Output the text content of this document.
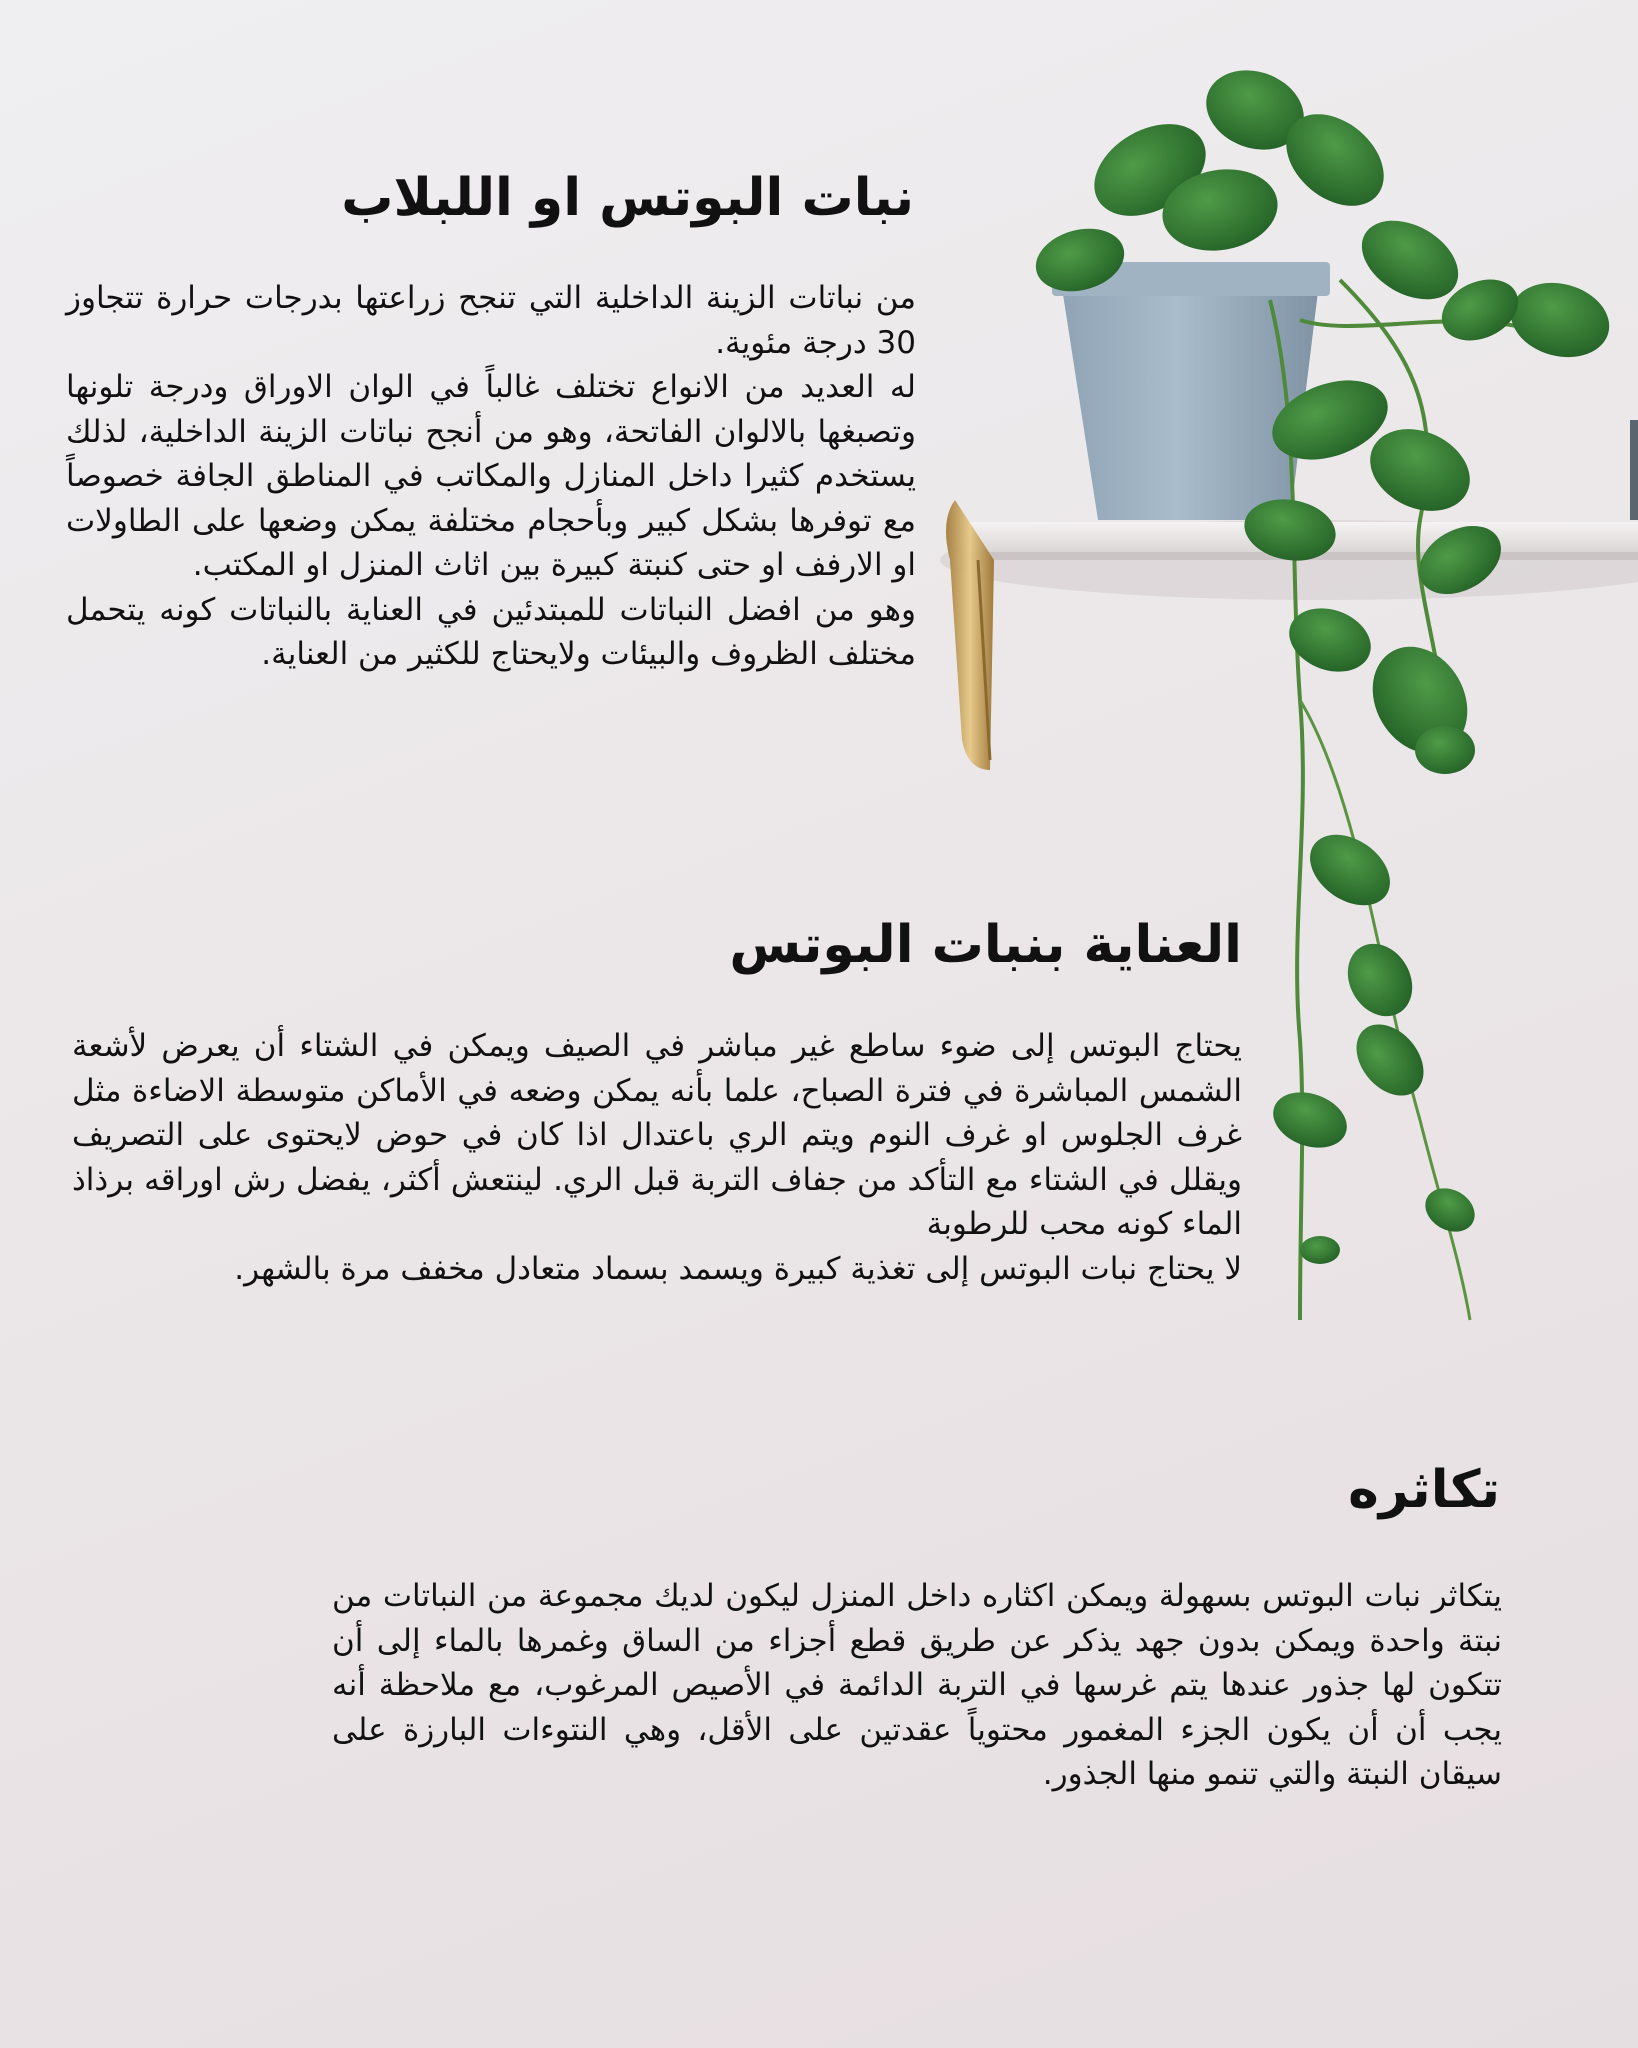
نبات البوتس او اللبلاب

من نباتات الزينة الداخلية التي تنجح زراعتها بدرجات حرارة تتجاوز 30 درجة مئوية.

له العديد من الانواع تختلف غالباً في الوان الاوراق ودرجة تلونها وتصبغها بالالوان الفاتحة، وهو من أنجح نباتات الزينة الداخلية، لذلك يستخدم كثيرا داخل المنازل والمكاتب في المناطق الجافة خصوصاً مع توفرها بشكل كبير وبأحجام مختلفة يمكن وضعها على الطاولات او الارفف او حتى كنبتة كبيرة بين اثاث المنزل او المكتب.

وهو من افضل النباتات للمبتدئين في العناية بالنباتات كونه يتحمل مختلف الظروف والبيئات ولايحتاج للكثير من العناية.

العناية بنبات البوتس

يحتاج البوتس إلى ضوء ساطع غير مباشر في الصيف ويمكن في الشتاء أن يعرض لأشعة الشمس المباشرة في فترة الصباح، علما بأنه يمكن وضعه في الأماكن متوسطة الاضاءة مثل غرف الجلوس او غرف النوم ويتم الري باعتدال اذا كان في حوض لايحتوى على التصريف ويقلل في الشتاء مع التأكد من جفاف التربة قبل الري. لينتعش أكثر، يفضل رش اوراقه برذاذ الماء كونه محب للرطوبة

لا يحتاج نبات البوتس إلى تغذية كبيرة ويسمد بسماد متعادل مخفف مرة بالشهر.

تكاثره

يتكاثر نبات البوتس بسهولة ويمكن اكثاره داخل المنزل ليكون لديك مجموعة من النباتات من نبتة واحدة ويمكن بدون جهد يذكر عن طريق قطع أجزاء من الساق وغمرها بالماء إلى أن تتكون لها جذور عندها يتم غرسها في التربة الدائمة في الأصيص المرغوب، مع ملاحظة أنه يجب أن أن يكون الجزء المغمور محتوياً عقدتين على الأقل، وهي النتوءات البارزة على سيقان النبتة والتي تنمو منها الجذور.
